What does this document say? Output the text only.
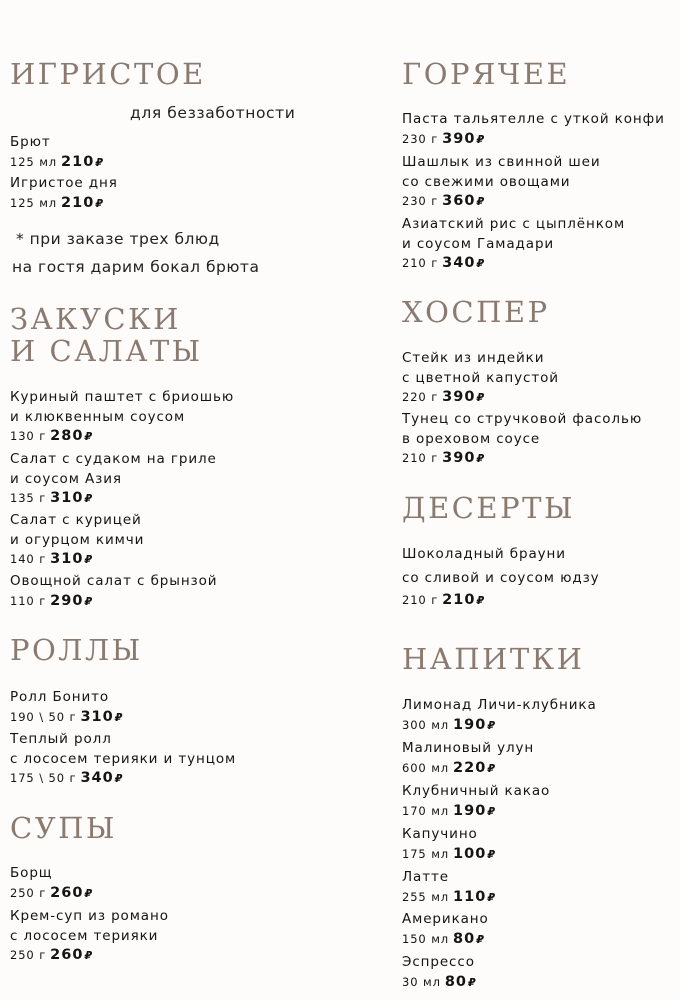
ИГРИСТОЕ
для беззаботности
Брют
125 мл 210₽
Игристое дня
125 мл 210₽
* при заказе трех блюд
на гостя дарим бокал брюта
ЗАКУСКИ
И САЛАТЫ
Куриный паштет с бриошью
и клюквенным соусом
130 г 280₽
Салат с судаком на гриле
и соусом Азия
135 г 310₽
Салат с курицей
и огурцом кимчи
140 г 310₽
Овощной салат с брынзой
110 г 290₽
РОЛЛЫ
Ролл Бонито
190 \ 50 г 310₽
Теплый ролл
с лососем терияки и тунцом
175 \ 50 г 340₽
СУПЫ
Борщ
250 г 260₽
Крем-суп из романо
с лососем терияки
250 г 260₽
ГОРЯЧЕЕ
Паста тальятелле с уткой конфи
230 г 390₽
Шашлык из свинной шеи
со свежими овощами
230 г 360₽
Азиатский рис с цыплёнком
и соусом Гамадари
210 г 340₽
ХОСПЕР
Стейк из индейки
с цветной капустой
220 г 390₽
Тунец со стручковой фасолью
в ореховом соусе
210 г 390₽
ДЕСЕРТЫ
Шоколадный брауни
со сливой и соусом юдзу
210 г 210₽
НАПИТКИ
Лимонад Личи-клубника
300 мл 190₽
Малиновый улун
600 мл 220₽
Клубничный какао
170 мл 190₽
Капучино
175 мл 100₽
Латте
255 мл 110₽
Американо
150 мл 80₽
Эспрессо
30 мл 80₽
